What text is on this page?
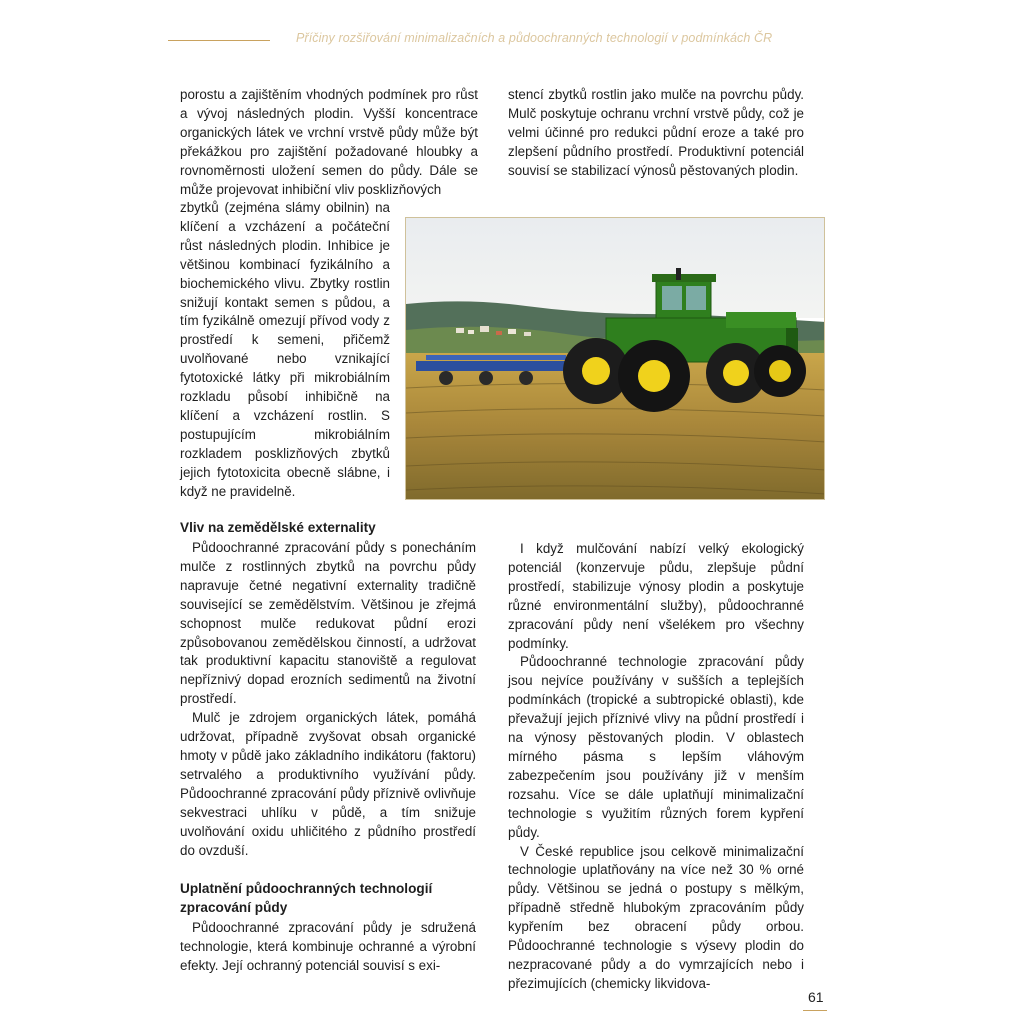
Příčiny rozšiřování minimalizačních a půdoochranných technologií v podmínkách ČR

porostu a zajištěním vhodných podmínek pro růst a vývoj následných plodin. Vyšší koncentrace organických látek ve vrchní vrstvě půdy může být překážkou pro zajištění požadované hloubky a rovnoměrnosti uložení semen do půdy. Dále se může projevovat inhibiční vliv posklizňových

zbytků (zejména slámy obilnin) na klíčení a vzcházení a počáteční růst následných plodin. Inhibice je většinou kombinací fyzikálního a biochemického vlivu. Zbytky rostlin snižují kontakt semen s půdou, a tím fyzikálně omezují přívod vody z prostředí k semeni, přičemž uvolňované nebo vznikající fytotoxické látky při mikrobiálním rozkladu působí inhibičně na klíčení a vzcházení rostlin. S postupujícím mikrobiálním rozkladem posklizňových zbytků jejich fytotoxicita obecně slábne, i když ne pravidelně.

stencí zbytků rostlin jako mulče na povrchu půdy. Mulč poskytuje ochranu vrchní vrstvě půdy, což je velmi účinné pro redukci půdní eroze a také pro zlepšení půdního prostředí. Produktivní potenciál souvisí se stabilizací výnosů pěstovaných plodin.

Vliv na zemědělské externality

Půdoochranné zpracování půdy s ponecháním mulče z rostlinných zbytků na povrchu půdy napravuje četné negativní externality tradičně související se zemědělstvím. Většinou je zřejmá schopnost mulče redukovat půdní erozi způsobovanou zemědělskou činností, a udržovat tak produktivní kapacitu stanoviště a regulovat nepříznivý dopad erozních sedimentů na životní prostředí.

Mulč je zdrojem organických látek, pomáhá udržovat, případně zvyšovat obsah organické hmoty v půdě jako základního indikátoru (faktoru) setrvalého a produktivního využívání půdy. Půdoochranné zpracování půdy příznivě ovlivňuje sekvestraci uhlíku v půdě, a tím snižuje uvolňování oxidu uhličitého z půdního prostředí do ovzduší.

Uplatnění půdoochranných technologií zpracování půdy

Půdoochranné zpracování půdy je sdružená technologie, která kombinuje ochranné a výrobní efekty. Její ochranný potenciál souvisí s exi-

I když mulčování nabízí velký ekologický potenciál (konzervuje půdu, zlepšuje půdní prostředí, stabilizuje výnosy plodin a poskytuje různé environmentální služby), půdoochranné zpracování půdy není všelékem pro všechny podmínky.

Půdoochranné technologie zpracování půdy jsou nejvíce používány v sušších a teplejších podmínkách (tropické a subtropické oblasti), kde převažují jejich příznivé vlivy na půdní prostředí i na výnosy pěstovaných plodin. V oblastech mírného pásma s lepším vláhovým zabezpečením jsou používány již v menším rozsahu. Více se dále uplatňují minimalizační technologie s využitím různých forem kypření půdy.

V České republice jsou celkově minimalizační technologie uplatňovány na více než 30 % orné půdy. Většinou se jedná o postupy s mělkým, případně středně hlubokým zpracováním půdy kypřením bez obracení půdy orbou. Půdoochranné technologie s výsevy plodin do nezpracované půdy a do vymrzajících nebo i přezimujících (chemicky likvidova-

61
